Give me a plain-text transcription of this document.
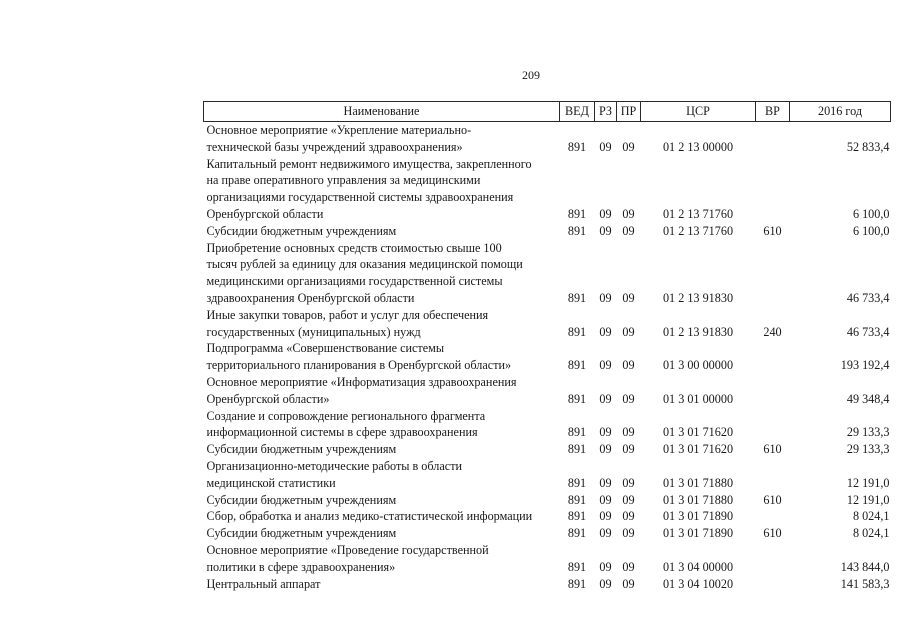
209
Наименование	ВЕД	РЗ	ПР	ЦСР	ВР	2016 год

Основное мероприятие «Укрепление материально-
технической базы учреждений здравоохранения»	891	09	09	01 2 13 00000		52 833,4

Капитальный ремонт недвижимого имущества, закрепленного
на праве оперативного управления за медицинскими
организациями государственной системы здравоохранения
Оренбургской области	891	09	09	01 2 13 71760		6 100,0

Субсидии бюджетным учреждениям	891	09	09	01 2 13 71760	610	6 100,0

Приобретение основных средств стоимостью свыше 100
тысяч рублей за единицу для оказания медицинской помощи
медицинскими организациями государственной системы
здравоохранения Оренбургской области	891	09	09	01 2 13 91830		46 733,4

Иные закупки товаров, работ и услуг для обеспечения
государственных (муниципальных) нужд	891	09	09	01 2 13 91830	240	46 733,4

Подпрограмма «Совершенствование системы
территориального планирования в Оренбургской области»	891	09	09	01 3 00 00000		193 192,4

Основное мероприятие «Информатизация здравоохранения
Оренбургской области»	891	09	09	01 3 01 00000		49 348,4

Создание и сопровождение регионального фрагмента
информационной системы в сфере здравоохранения	891	09	09	01 3 01 71620		29 133,3

Субсидии бюджетным учреждениям	891	09	09	01 3 01 71620	610	29 133,3

Организационно-методические работы в области
медицинской статистики	891	09	09	01 3 01 71880		12 191,0

Субсидии бюджетным учреждениям	891	09	09	01 3 01 71880	610	12 191,0

Сбор, обработка и анализ медико-статистической информации	891	09	09	01 3 01 71890		8 024,1

Субсидии бюджетным учреждениям	891	09	09	01 3 01 71890	610	8 024,1

Основное мероприятие «Проведение государственной
политики в сфере здравоохранения»	891	09	09	01 3 04 00000		143 844,0

Центральный аппарат	891	09	09	01 3 04 10020		141 583,3
